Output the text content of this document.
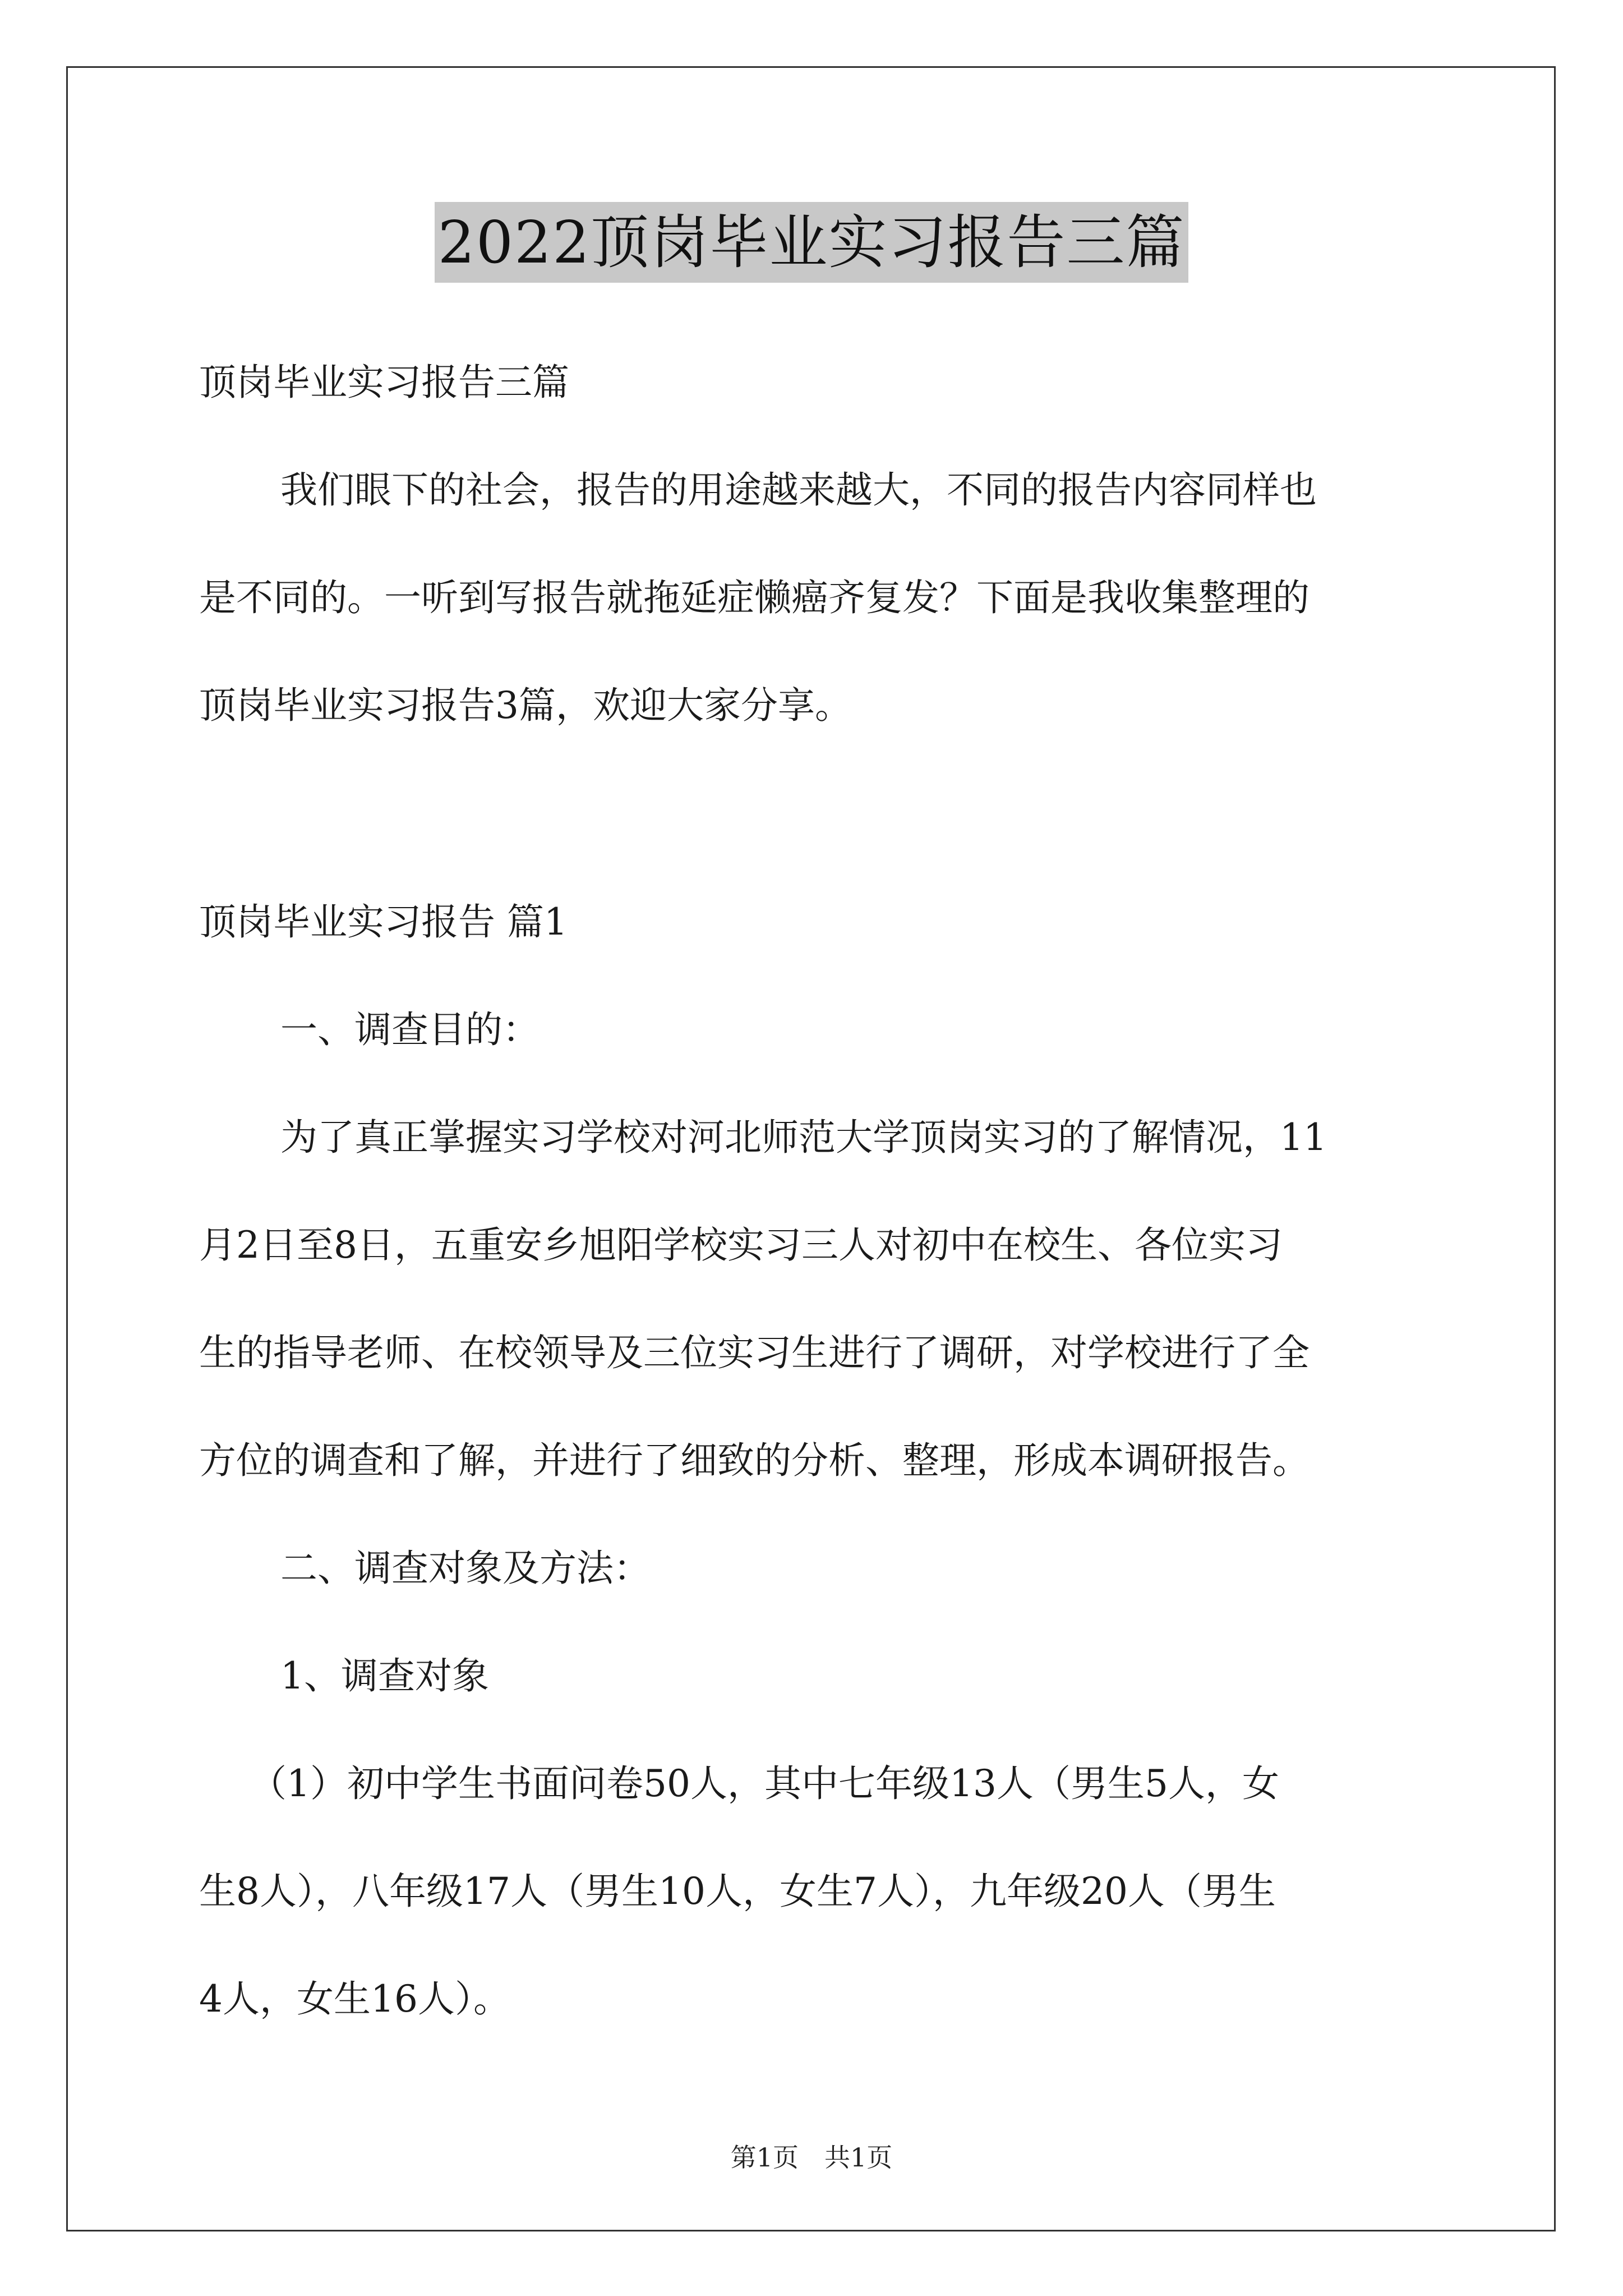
2022顶岗毕业实习报告三篇
顶岗毕业实习报告三篇
我们眼下的社会，报告的用途越来越大，不同的报告内容同样也
是不同的。一听到写报告就拖延症懒癌齐复发？下面是我收集整理的
顶岗毕业实习报告3篇，欢迎大家分享。
顶岗毕业实习报告 篇1
一、调查目的：
为了真正掌握实习学校对河北师范大学顶岗实习的了解情况，11
月2日至8日，五重安乡旭阳学校实习三人对初中在校生、各位实习
生的指导老师、在校领导及三位实习生进行了调研，对学校进行了全
方位的调查和了解，并进行了细致的分析、整理，形成本调研报告。
二、调查对象及方法：
1、调查对象
（1）初中学生书面问卷50人，其中七年级13人（男生5人，女
生8人），八年级17人（男生10人，女生7人），九年级20人（男生
4人，女生16人）。
第1页　共1页
